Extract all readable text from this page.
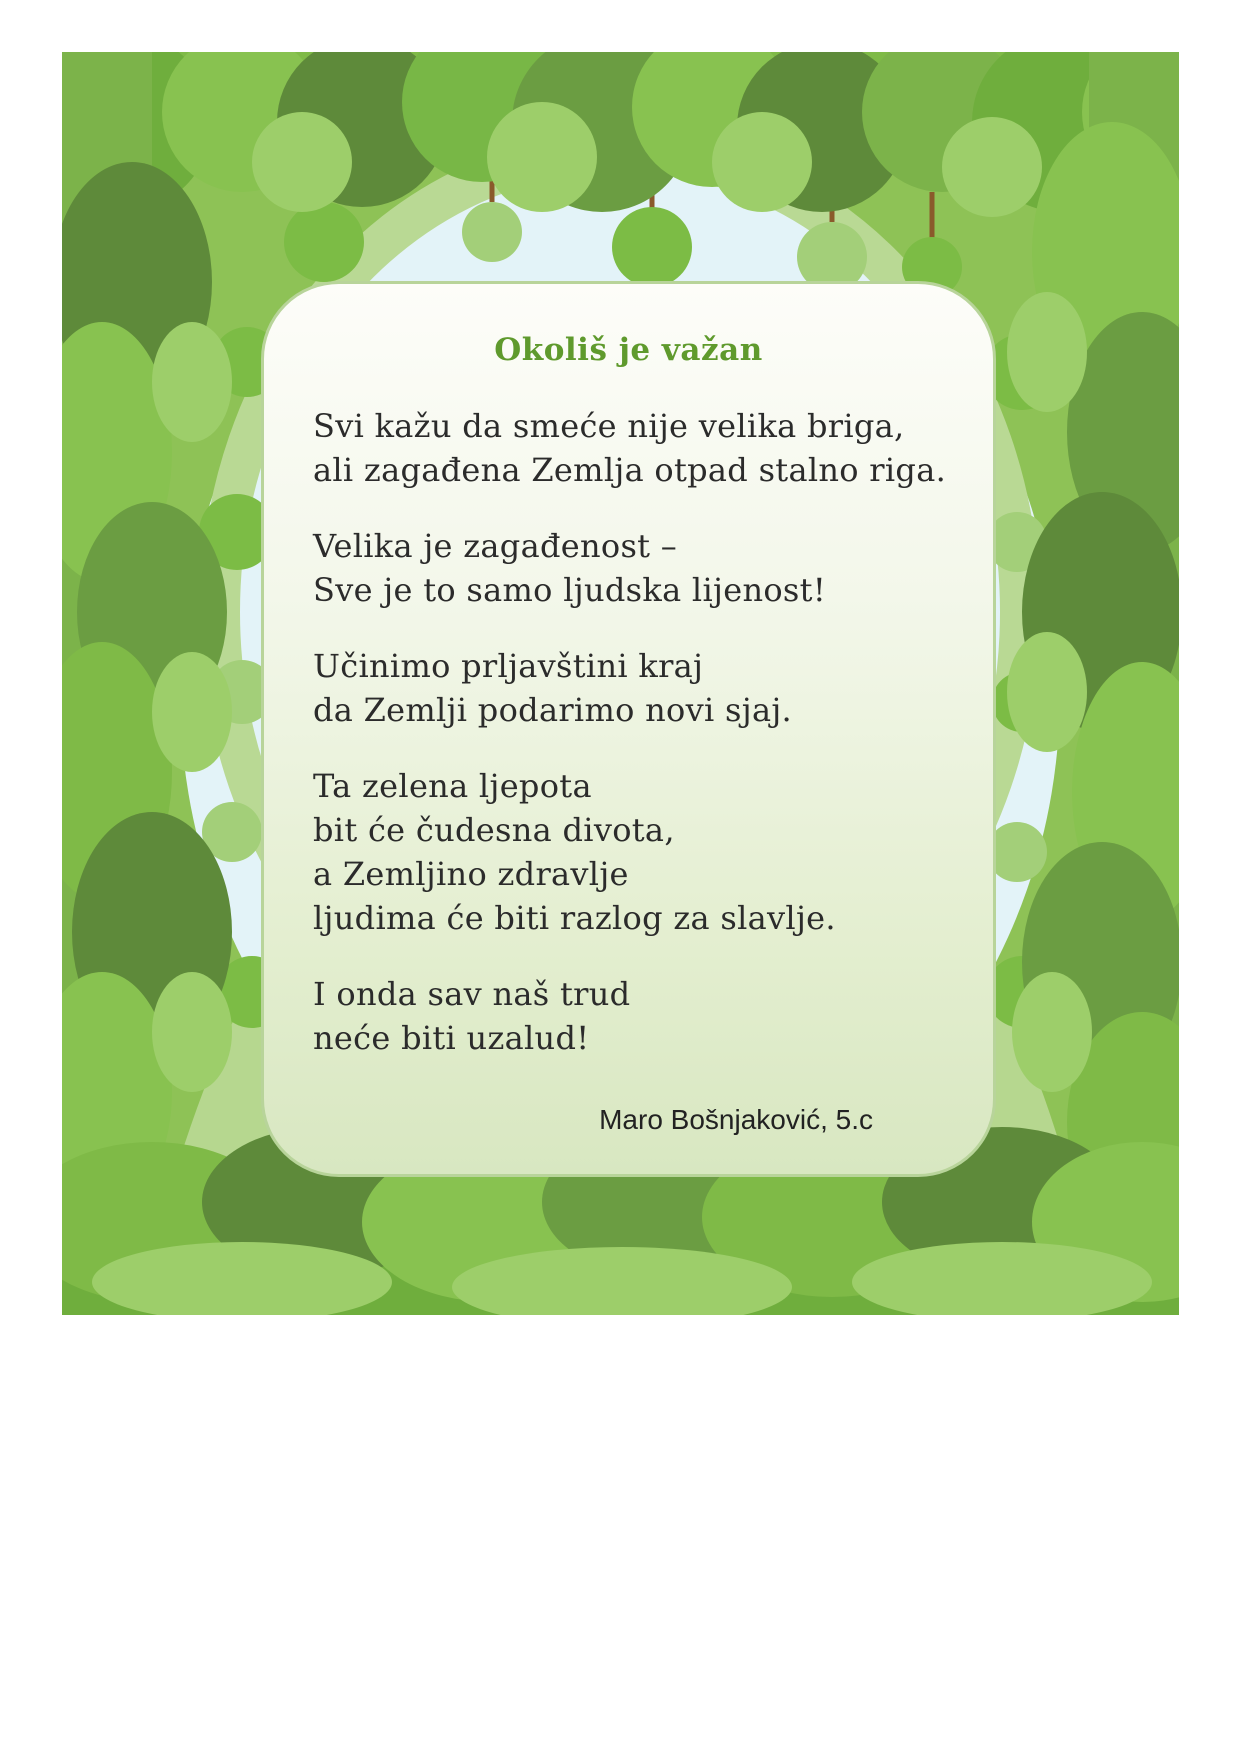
Okoliš je važan

Svi kažu da smeće nije velika briga,
ali zagađena Zemlja otpad stalno riga.

Velika je zagađenost –
Sve je to samo ljudska lijenost!

Učinimo prljavštini kraj
da Zemlji podarimo novi sjaj.

Ta zelena ljepota
bit će čudesna divota,
a Zemljino zdravlje
ljudima će biti razlog za slavlje.

I onda sav naš trud
neće biti uzalud!

Maro Bošnjaković, 5.c
